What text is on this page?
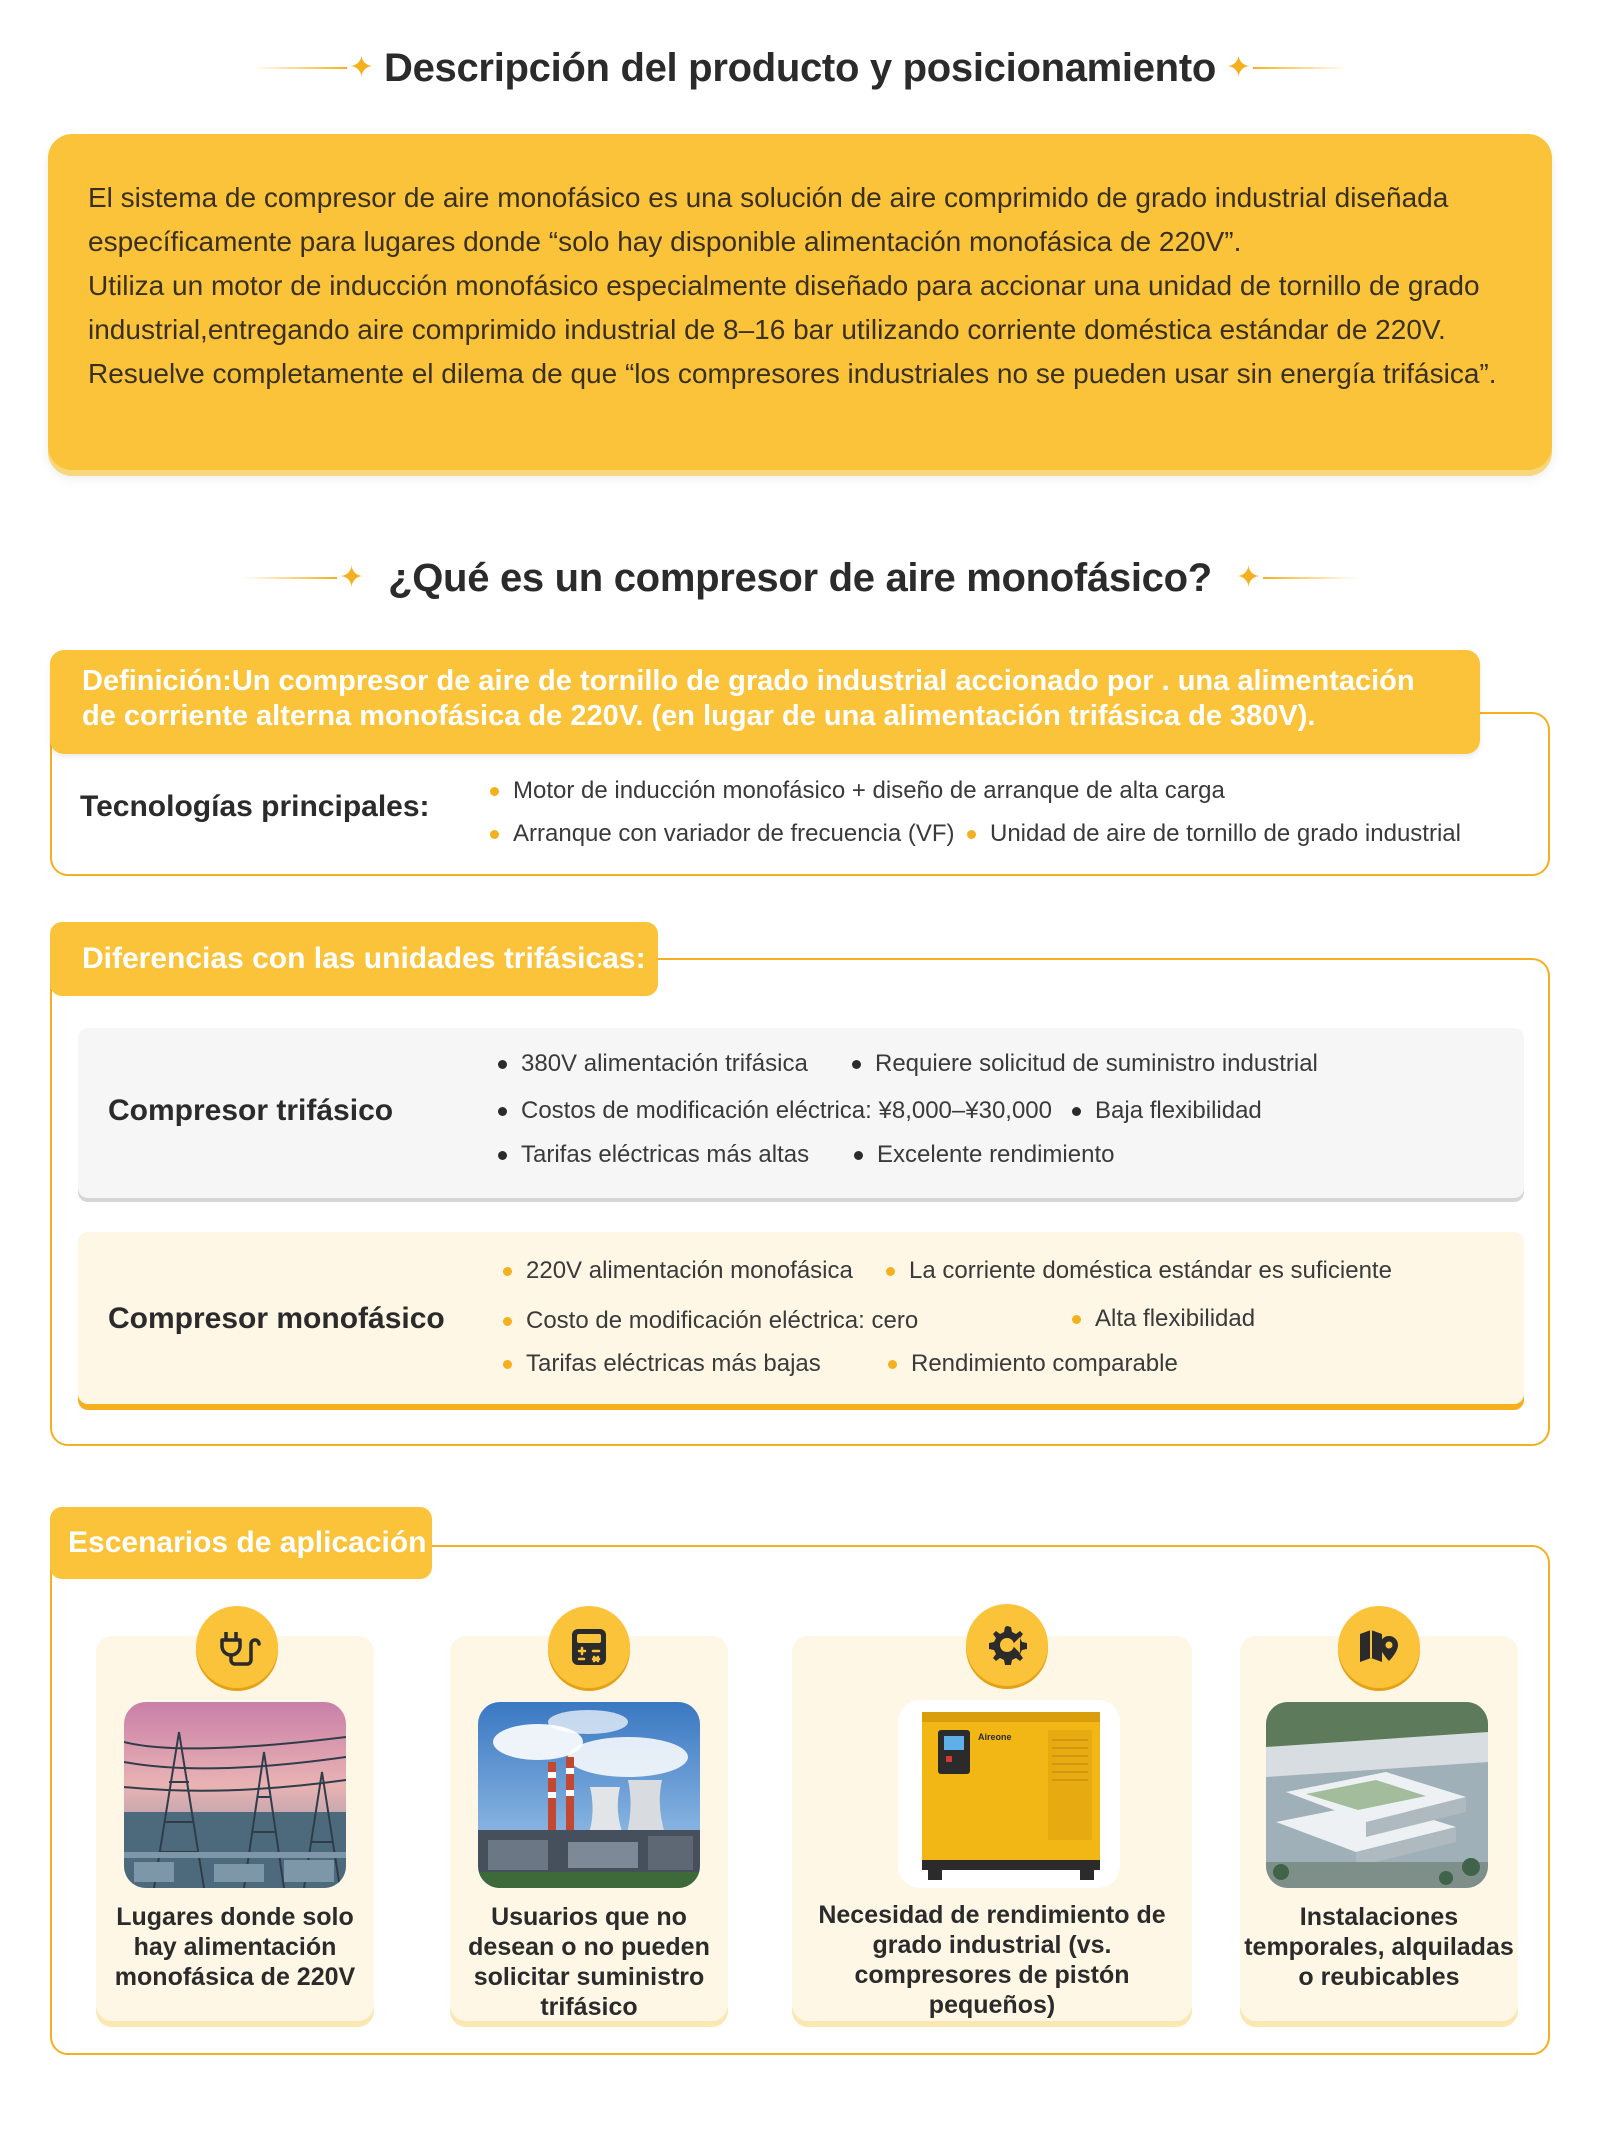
✦ Descripción del producto y posicionamiento ✦

El sistema de compresor de aire monofásico es una solución de aire comprimido de grado industrial diseñada específicamente para lugares donde “solo hay disponible alimentación monofásica de 220V”.

Utiliza un motor de inducción monofásico especialmente diseñado para accionar una unidad de tornillo de grado industrial,entregando aire comprimido industrial de 8–16 bar utilizando corriente doméstica estándar de 220V.

Resuelve completamente el dilema de que “los compresores industriales no se pueden usar sin energía trifásica”.

✦ ¿Qué es un compresor de aire monofásico? ✦

Definición:Un compresor de aire de tornillo de grado industrial accionado por . una alimentación de corriente alterna monofásica de 220V. (en lugar de una alimentación trifásica de 380V).

Tecnologías principales:	Motor de inducción monofásico + diseño de arranque de alta carga
Arranque con variador de frecuencia (VF) Unidad de aire de tornillo de grado industrial
Diferencias con las unidades trifásicas:
Compresor trifásico
380V alimentación trifásica	Requiere solicitud de suministro industrial
Costos de modificación eléctrica: ¥8,000–¥30,000 Baja flexibilidad
Tarifas eléctricas más altas	Excelente rendimiento
Compresor monofásico
220V alimentación monofásica La corriente doméstica estándar es suficiente
Costo de modificación eléctrica: cero	Alta flexibilidad
Tarifas eléctricas más bajas	Rendimiento comparable
Escenarios de aplicación
Lugares donde solo hay alimentación monofásica de 220V
Usuarios que no desean o no pueden solicitar suministro trifásico
Aireone
Necesidad de rendimiento de grado industrial (vs. compresores de pistón pequeños)
Instalaciones temporales, alquiladas o reubicables
